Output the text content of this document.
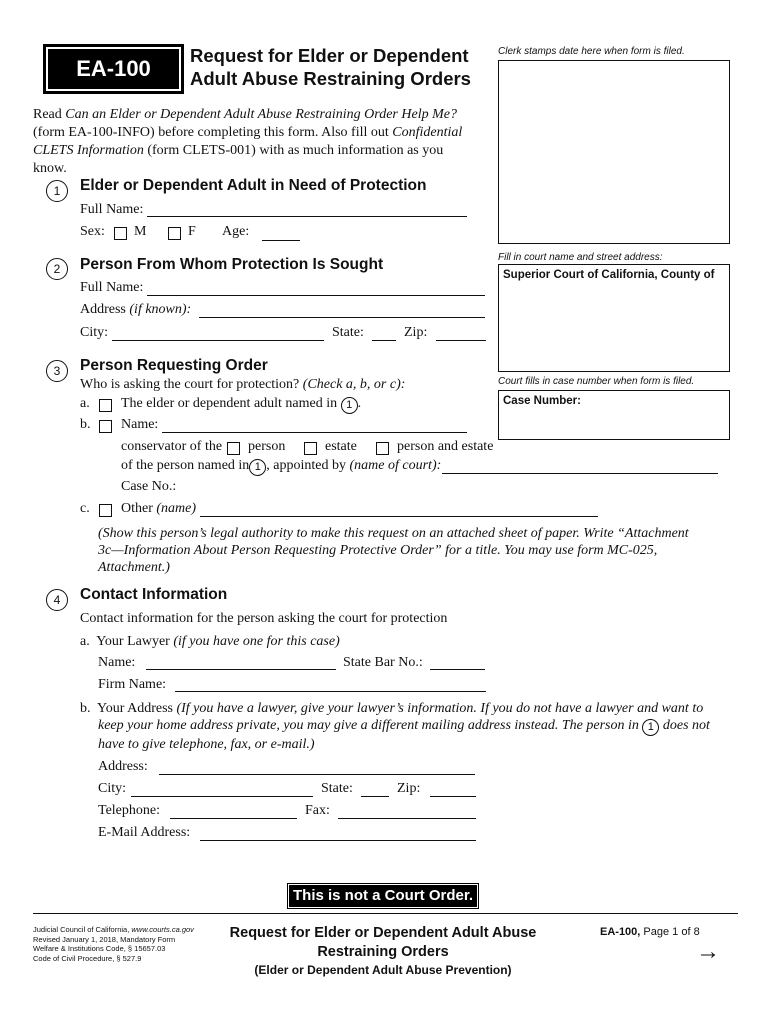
EA-100
Request for Elder or Dependent
Adult Abuse Restraining Orders
Clerk stamps date here when form is filed.
Fill in court name and street address:
Superior Court of California, County of
Court fills in case number when form is filed.
Case Number:
Read Can an Elder or Dependent Adult Abuse Restraining Order Help Me?
(form EA-100-INFO) before completing this form. Also fill out Confidential
CLETS Information (form CLETS-001) with as much information as you
know.
1	Elder or Dependent Adult in Need of Protection
Full Name:
Sex: M	F Age:
2	Person From Whom Protection Is Sought
Full Name:
Address (if known):
City:	State:	Zip:
3	Person Requesting Order
Who is asking the court for protection? (Check a, b, or c):
a. The elder or dependent adult named in 1 .
b. Name:
conservator of the person	estate	person and estate
of the person named in 1 , appointed by (name of court):
Case No.:
c. Other (name)
(Show this person’s legal authority to make this request on an attached sheet of paper. Write “Attachment
3c—Information About Person Requesting Protective Order” for a title. You may use form MC-025,
Attachment.)
4	Contact Information
Contact information for the person asking the court for protection
a. Your Lawyer (if you have one for this case)
Name:	State Bar No.:
Firm Name:
b. Your Address (If you have a lawyer, give your lawyer’s information. If you do not have a lawyer and want to
keep your home address private, you may give a different mailing address instead. The person in 1 does not
have to give telephone, fax, or e-mail.)
Address:
City:	State:	Zip:
Telephone:	Fax:
E-Mail Address:
This is not a Court Order.
Judicial Council of California, www.courts.ca.gov
Revised January 1, 2018, Mandatory Form
Welfare & Institutions Code, § 15657.03
Code of Civil Procedure, § 527.9
Request for Elder or Dependent Adult Abuse
Restraining Orders
(Elder or Dependent Adult Abuse Prevention)
EA-100, Page 1 of 8
→
